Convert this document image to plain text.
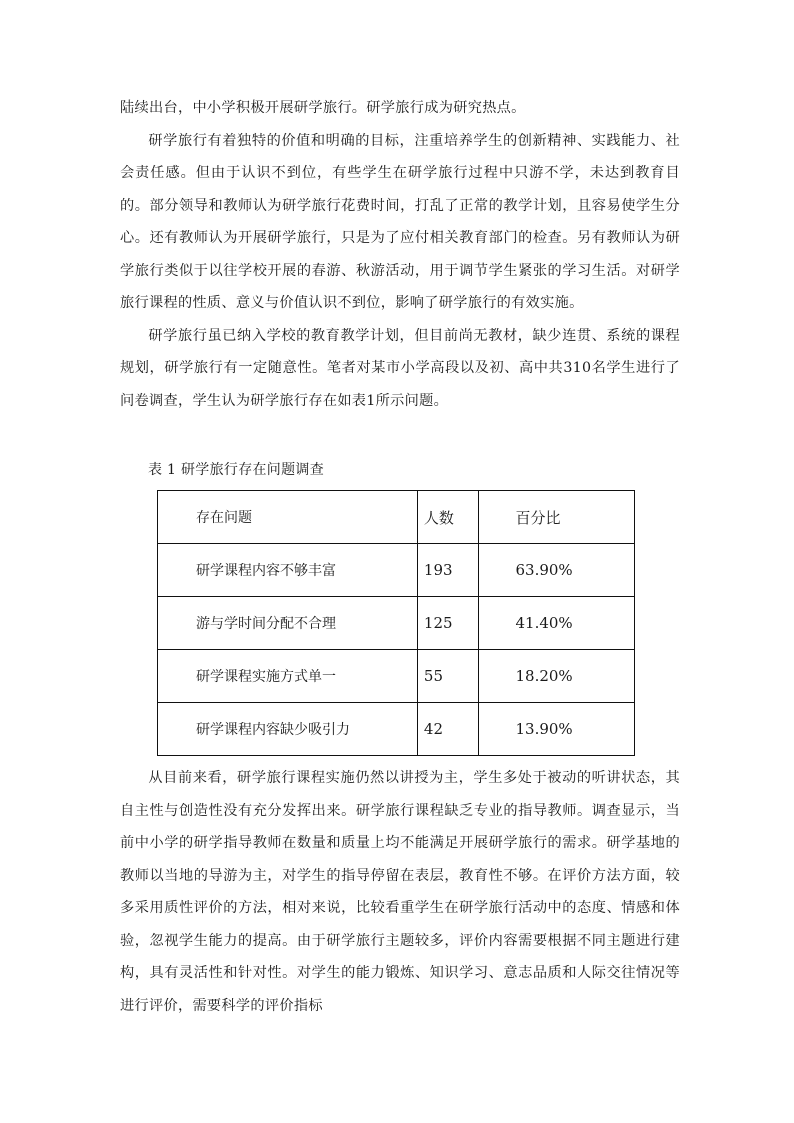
陆续出台，中小学积极开展研学旅行。研学旅行成为研究热点。

研学旅行有着独特的价值和明确的目标，注重培养学生的创新精神、实践能力、社会责任感。但由于认识不到位，有些学生在研学旅行过程中只游不学，未达到教育目的。部分领导和教师认为研学旅行花费时间，打乱了正常的教学计划，且容易使学生分心。还有教师认为开展研学旅行，只是为了应付相关教育部门的检查。另有教师认为研学旅行类似于以往学校开展的春游、秋游活动，用于调节学生紧张的学习生活。对研学旅行课程的性质、意义与价值认识不到位，影响了研学旅行的有效实施。

研学旅行虽已纳入学校的教育教学计划，但目前尚无教材，缺少连贯、系统的课程规划，研学旅行有一定随意性。笔者对某市小学高段以及初、高中共310名学生进行了问卷调查，学生认为研学旅行存在如表1所示问题。

表 1 研学旅行存在问题调查
存在问题	人数	百分比
研学课程内容不够丰富	193	63.90%
游与学时间分配不合理	125	41.40%
研学课程实施方式单一	55	18.20%
研学课程内容缺少吸引力	42	13.90%

从目前来看，研学旅行课程实施仍然以讲授为主，学生多处于被动的听讲状态，其自主性与创造性没有充分发挥出来。研学旅行课程缺乏专业的指导教师。调查显示，当前中小学的研学指导教师在数量和质量上均不能满足开展研学旅行的需求。研学基地的教师以当地的导游为主，对学生的指导停留在表层，教育性不够。在评价方法方面，较多采用质性评价的方法，相对来说，比较看重学生在研学旅行活动中的态度、情感和体验，忽视学生能力的提高。由于研学旅行主题较多，评价内容需要根据不同主题进行建构，具有灵活性和针对性。对学生的能力锻炼、知识学习、意志品质和人际交往情况等进行评价，需要科学的评价指标
